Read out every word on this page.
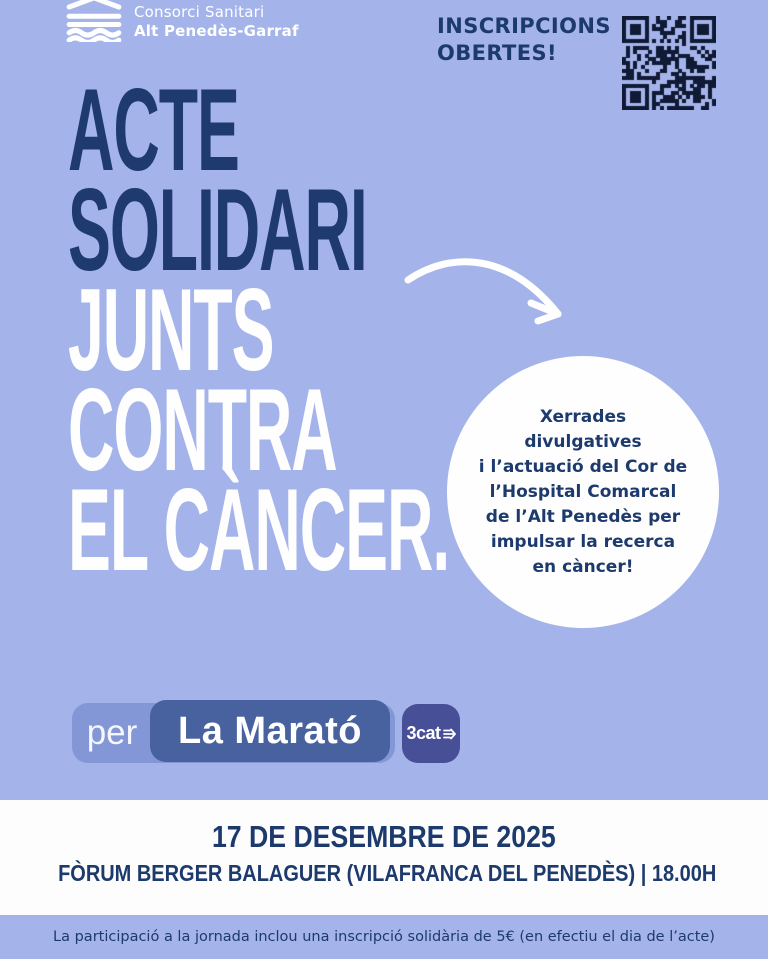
Consorci Sanitari
Alt Penedès-Garraf	INSCRIPCIONS
OBERTES!
ACTE
SOLIDARI
JUNTS
CONTRA
EL CÀNCER.
Xerrades
divulgatives
i l’actuació del Cor de
l’Hospital Comarcal
de l’Alt Penedès per
impulsar la recerca
en càncer!
per	La Marató	3cat
17 DE DESEMBRE DE 2025
FÒRUM BERGER BALAGUER (VILAFRANCA DEL PENEDÈS) | 18.00H
La participació a la jornada inclou una inscripció solidària de 5€ (en efectiu el dia de l’acte)
